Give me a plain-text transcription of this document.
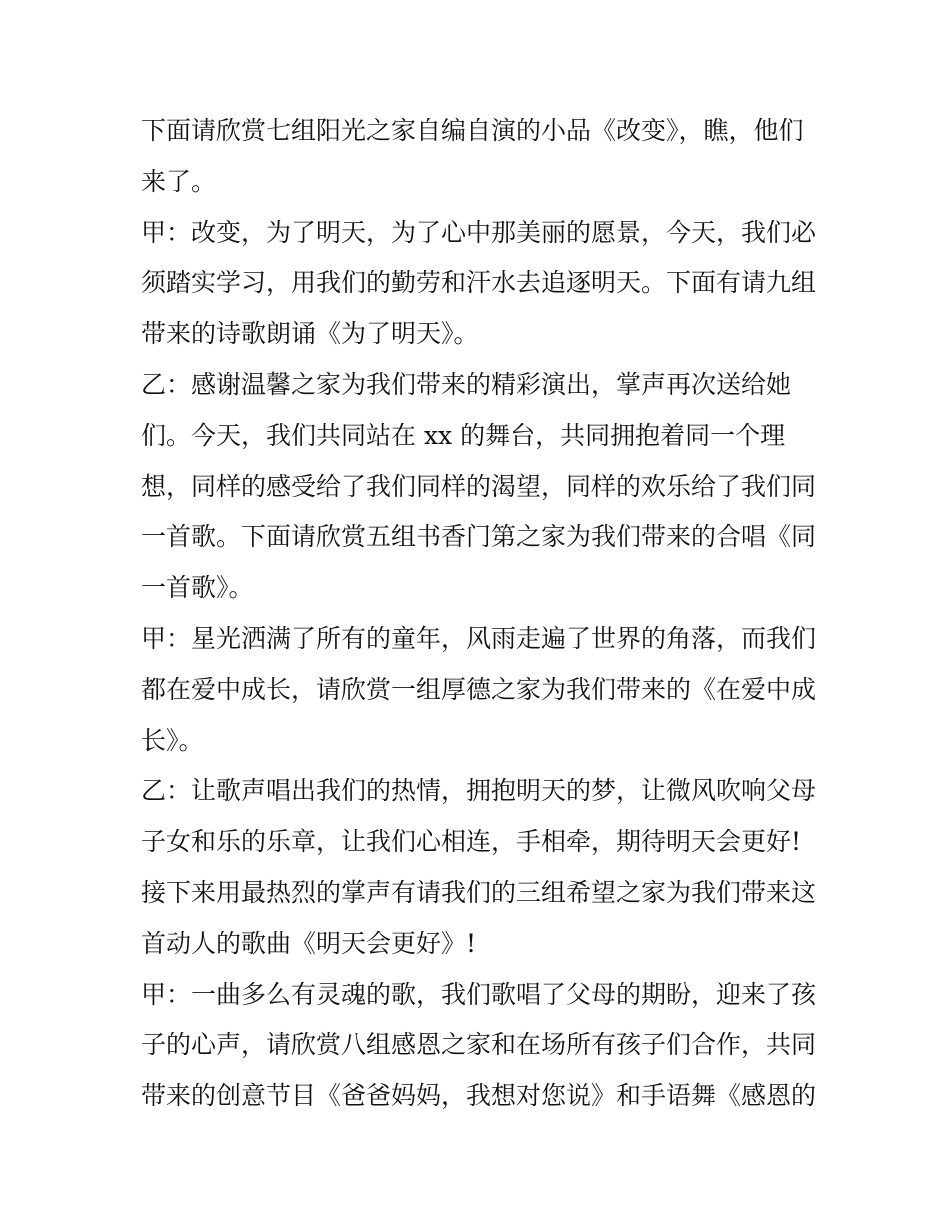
下面请欣赏七组阳光之家自编自演的小品《改变》，瞧，他们
来了。
甲：改变，为了明天，为了心中那美丽的愿景，今天，我们必
须踏实学习，用我们的勤劳和汗水去追逐明天。下面有请九组
带来的诗歌朗诵《为了明天》。
乙：感谢温馨之家为我们带来的精彩演出，掌声再次送给她
们。今天，我们共同站在 xx 的舞台，共同拥抱着同一个理
想，同样的感受给了我们同样的渴望，同样的欢乐给了我们同
一首歌。下面请欣赏五组书香门第之家为我们带来的合唱《同
一首歌》。
甲：星光洒满了所有的童年，风雨走遍了世界的角落，而我们
都在爱中成长，请欣赏一组厚德之家为我们带来的《在爱中成
长》。
乙：让歌声唱出我们的热情，拥抱明天的梦，让微风吹响父母
子女和乐的乐章，让我们心相连，手相牵，期待明天会更好!
接下来用最热烈的掌声有请我们的三组希望之家为我们带来这
首动人的歌曲《明天会更好》!
甲：一曲多么有灵魂的歌，我们歌唱了父母的期盼，迎来了孩
子的心声，请欣赏八组感恩之家和在场所有孩子们合作，共同
带来的创意节目《爸爸妈妈，我想对您说》和手语舞《感恩的
